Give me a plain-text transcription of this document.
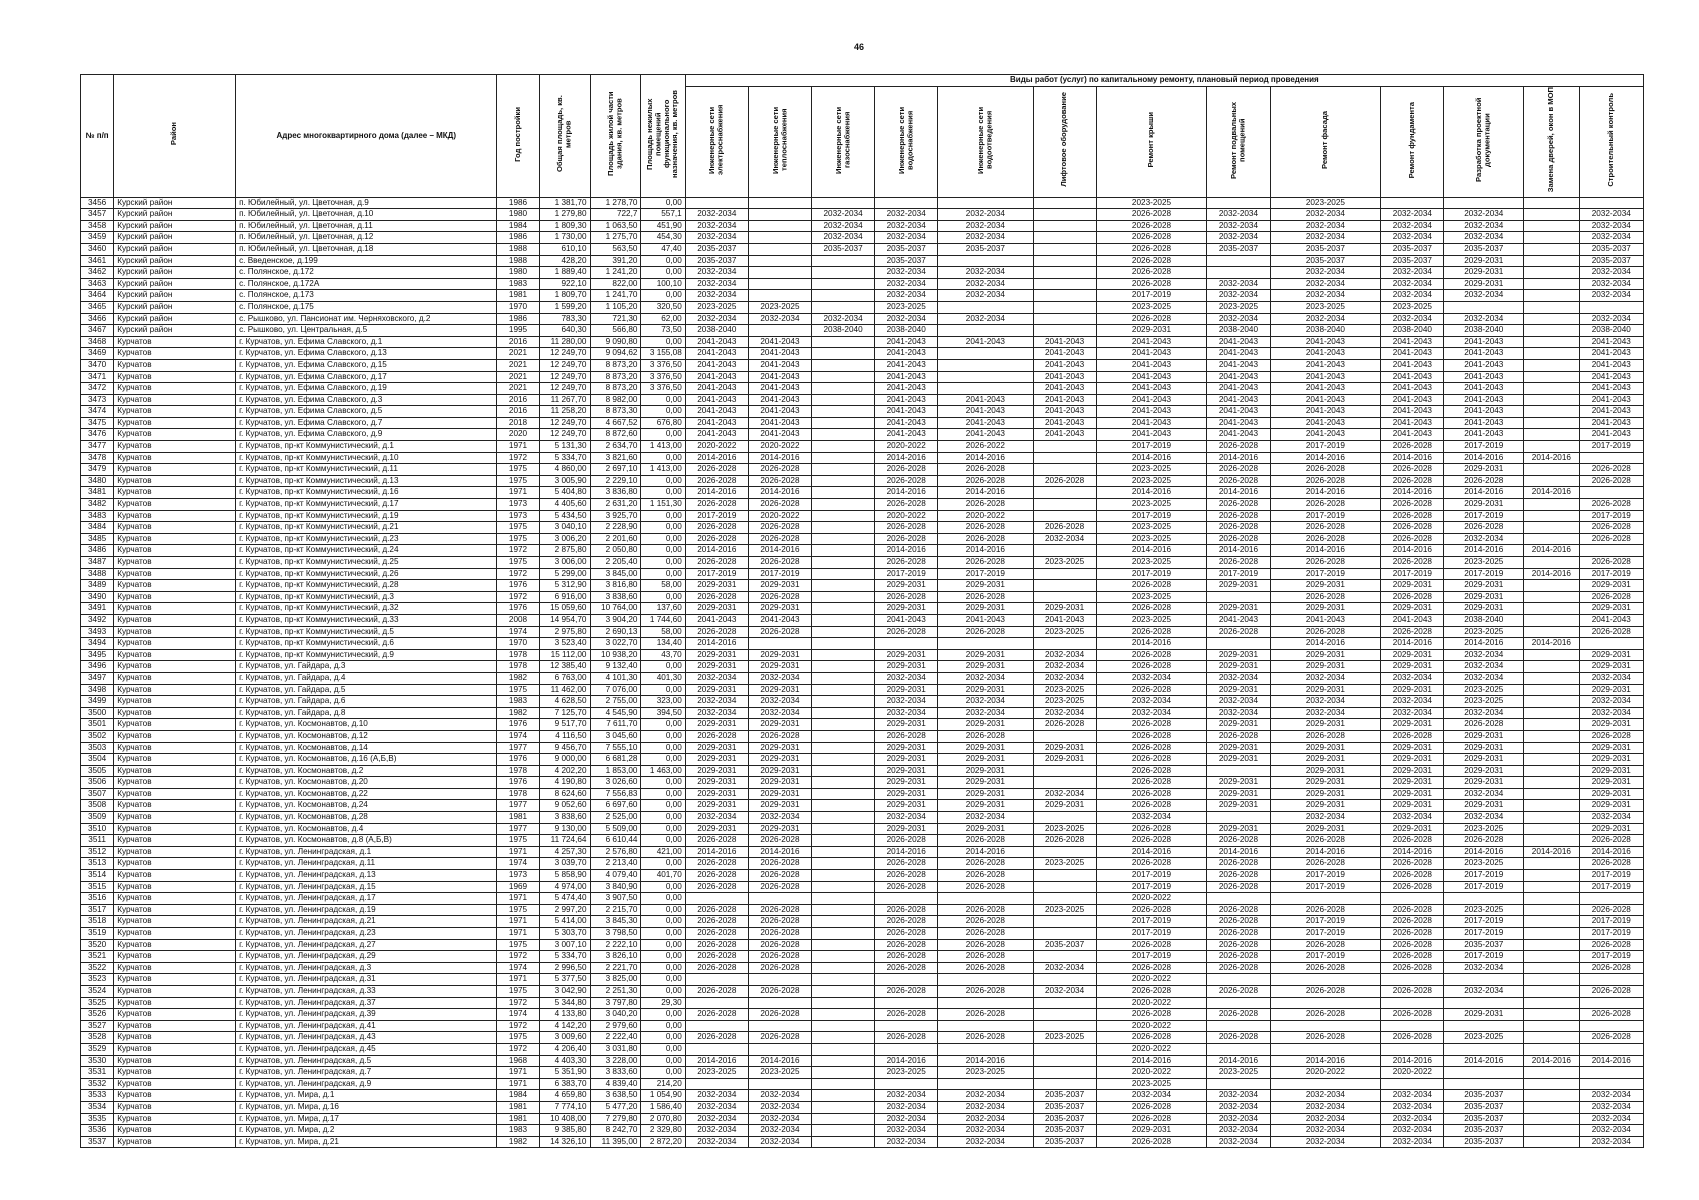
46
№ п/п	Район	Адрес многоквартирного дома (далее – МКД)	Год постройки	Общая площадь, кв. метров	Площадь жилой части здания, кв. метров	Площадь нежилых помещений функционального назначения, кв. метров	Виды работ (услуг) по капитальному ремонту, плановый период проведения												
							Инженерные сети электроснабжения	Инженерные сети теплоснабжения	Инженерные сети газоснабжения	Инженерные сети водоснабжения	Инженерные сети водоотведения	Лифтовое оборудование	Ремонт крыши	Ремонт подвальных помещений	Ремонт фасада	Ремонт фундамента	Разработка проектной документации	Замена дверей, окон в МОП	Строительный контроль
3456	Курский район	п. Юбилейный, ул. Цветочная, д.9	1986	1 381,70	1 278,70	0,00							2023-2025		2023-2025				
3457	Курский район	п. Юбилейный, ул. Цветочная, д.10	1980	1 279,80	722,7	557,1	2032-2034		2032-2034	2032-2034	2032-2034		2026-2028	2032-2034	2032-2034	2032-2034	2032-2034		2032-2034
3458	Курский район	п. Юбилейный, ул. Цветочная, д.11	1984	1 809,30	1 063,50	451,90	2032-2034		2032-2034	2032-2034	2032-2034		2026-2028	2032-2034	2032-2034	2032-2034	2032-2034		2032-2034
3459	Курский район	п. Юбилейный, ул. Цветочная, д.12	1986	1 730,00	1 275,70	454,30	2032-2034		2032-2034	2032-2034	2032-2034		2026-2028	2032-2034	2032-2034	2032-2034	2032-2034		2032-2034
3460	Курский район	п. Юбилейный, ул. Цветочная, д.18	1988	610,10	563,50	47,40	2035-2037		2035-2037	2035-2037	2035-2037		2026-2028	2035-2037	2035-2037	2035-2037	2035-2037		2035-2037
3461	Курский район	с. Введенское, д.199	1988	428,20	391,20	0,00	2035-2037			2035-2037			2026-2028		2035-2037	2035-2037	2029-2031		2035-2037
3462	Курский район	с. Полянское, д.172	1980	1 889,40	1 241,20	0,00	2032-2034			2032-2034	2032-2034		2026-2028		2032-2034	2032-2034	2029-2031		2032-2034
3463	Курский район	с. Полянское, д.172А	1983	922,10	822,00	100,10	2032-2034			2032-2034	2032-2034		2026-2028	2032-2034	2032-2034	2032-2034	2029-2031		2032-2034
3464	Курский район	с. Полянское, д.173	1981	1 809,70	1 241,70	0,00	2032-2034			2032-2034	2032-2034		2017-2019	2032-2034	2032-2034	2032-2034	2032-2034		2032-2034
3465	Курский район	с. Полянское, д.175	1970	1 599,20	1 105,20	320,50	2023-2025	2023-2025		2023-2025			2023-2025	2023-2025	2023-2025	2023-2025			
3466	Курский район	с. Рышково, ул. Пансионат им. Черняховского, д.2	1986	783,30	721,30	62,00	2032-2034	2032-2034	2032-2034	2032-2034	2032-2034		2026-2028	2032-2034	2032-2034	2032-2034	2032-2034		2032-2034
3467	Курский район	с. Рышково, ул. Центральная, д.5	1995	640,30	566,80	73,50	2038-2040		2038-2040	2038-2040			2029-2031	2038-2040	2038-2040	2038-2040	2038-2040		2038-2040
3468	Курчатов	г. Курчатов, ул. Ефима Славского, д.1	2016	11 280,00	9 090,80	0,00	2041-2043	2041-2043		2041-2043	2041-2043	2041-2043	2041-2043	2041-2043	2041-2043	2041-2043	2041-2043		2041-2043
3469	Курчатов	г. Курчатов, ул. Ефима Славского, д.13	2021	12 249,70	9 094,62	3 155,08	2041-2043	2041-2043		2041-2043		2041-2043	2041-2043	2041-2043	2041-2043	2041-2043	2041-2043		2041-2043
3470	Курчатов	г. Курчатов, ул. Ефима Славского, д.15	2021	12 249,70	8 873,20	3 376,50	2041-2043	2041-2043		2041-2043		2041-2043	2041-2043	2041-2043	2041-2043	2041-2043	2041-2043		2041-2043
3471	Курчатов	г. Курчатов, ул. Ефима Славского, д.17	2021	12 249,70	8 873,20	3 376,50	2041-2043	2041-2043		2041-2043		2041-2043	2041-2043	2041-2043	2041-2043	2041-2043	2041-2043		2041-2043
3472	Курчатов	г. Курчатов, ул. Ефима Славского, д.19	2021	12 249,70	8 873,20	3 376,50	2041-2043	2041-2043		2041-2043		2041-2043	2041-2043	2041-2043	2041-2043	2041-2043	2041-2043		2041-2043
3473	Курчатов	г. Курчатов, ул. Ефима Славского, д.3	2016	11 267,70	8 982,00	0,00	2041-2043	2041-2043		2041-2043	2041-2043	2041-2043	2041-2043	2041-2043	2041-2043	2041-2043	2041-2043		2041-2043
3474	Курчатов	г. Курчатов, ул. Ефима Славского, д.5	2016	11 258,20	8 873,30	0,00	2041-2043	2041-2043		2041-2043	2041-2043	2041-2043	2041-2043	2041-2043	2041-2043	2041-2043	2041-2043		2041-2043
3475	Курчатов	г. Курчатов, ул. Ефима Славского, д.7	2018	12 249,70	4 667,52	676,80	2041-2043	2041-2043		2041-2043	2041-2043	2041-2043	2041-2043	2041-2043	2041-2043	2041-2043	2041-2043		2041-2043
3476	Курчатов	г. Курчатов, ул. Ефима Славского, д.9	2020	12 249,70	8 872,60	0,00	2041-2043	2041-2043		2041-2043	2041-2043	2041-2043	2041-2043	2041-2043	2041-2043	2041-2043	2041-2043		2041-2043
3477	Курчатов	г. Курчатов, пр-кт Коммунистический, д.1	1971	5 131,30	2 634,70	1 413,00	2020-2022	2020-2022		2020-2022	2026-2022		2017-2019	2026-2028	2017-2019	2026-2028	2017-2019		2017-2019
3478	Курчатов	г. Курчатов, пр-кт Коммунистический, д.10	1972	5 334,70	3 821,60	0,00	2014-2016	2014-2016		2014-2016	2014-2016		2014-2016	2014-2016	2014-2016	2014-2016	2014-2016	2014-2016	
3479	Курчатов	г. Курчатов, пр-кт Коммунистический, д.11	1975	4 860,00	2 697,10	1 413,00	2026-2028	2026-2028		2026-2028	2026-2028		2023-2025	2026-2028	2026-2028	2026-2028	2029-2031		2026-2028
3480	Курчатов	г. Курчатов, пр-кт Коммунистический, д.13	1975	3 005,90	2 229,10	0,00	2026-2028	2026-2028		2026-2028	2026-2028	2026-2028	2023-2025	2026-2028	2026-2028	2026-2028	2026-2028		2026-2028
3481	Курчатов	г. Курчатов, пр-кт Коммунистический, д.16	1971	5 404,80	3 836,80	0,00	2014-2016	2014-2016		2014-2016	2014-2016		2014-2016	2014-2016	2014-2016	2014-2016	2014-2016	2014-2016	
3482	Курчатов	г. Курчатов, пр-кт Коммунистический, д.17	1973	4 405,60	2 631,20	1 151,30	2026-2028	2026-2028		2026-2028	2026-2028		2023-2025	2026-2028	2026-2028	2026-2028	2029-2031		2026-2028
3483	Курчатов	г. Курчатов, пр-кт Коммунистический, д.19	1973	5 434,50	3 925,70	0,00	2017-2019	2020-2022		2020-2022	2020-2022		2017-2019	2026-2028	2017-2019	2026-2028	2017-2019		2017-2019
3484	Курчатов	г. Курчатов, пр-кт Коммунистический, д.21	1975	3 040,10	2 228,90	0,00	2026-2028	2026-2028		2026-2028	2026-2028	2026-2028	2023-2025	2026-2028	2026-2028	2026-2028	2026-2028		2026-2028
3485	Курчатов	г. Курчатов, пр-кт Коммунистический, д.23	1975	3 006,20	2 201,60	0,00	2026-2028	2026-2028		2026-2028	2026-2028	2032-2034	2023-2025	2026-2028	2026-2028	2026-2028	2032-2034		2026-2028
3486	Курчатов	г. Курчатов, пр-кт Коммунистический, д.24	1972	2 875,80	2 050,80	0,00	2014-2016	2014-2016		2014-2016	2014-2016		2014-2016	2014-2016	2014-2016	2014-2016	2014-2016	2014-2016	
3487	Курчатов	г. Курчатов, пр-кт Коммунистический, д.25	1975	3 006,00	2 205,40	0,00	2026-2028	2026-2028		2026-2028	2026-2028	2023-2025	2023-2025	2026-2028	2026-2028	2026-2028	2023-2025		2026-2028
3488	Курчатов	г. Курчатов, пр-кт Коммунистический, д.26	1972	5 299,00	3 845,00	0,00	2017-2019	2017-2019		2017-2019	2017-2019		2017-2019	2017-2019	2017-2019	2017-2019	2017-2019	2014-2016	2017-2019
3489	Курчатов	г. Курчатов, пр-кт Коммунистический, д.28	1976	5 312,90	3 816,80	58,00	2029-2031	2029-2031		2029-2031	2029-2031		2026-2028	2029-2031	2029-2031	2029-2031	2029-2031		2029-2031
3490	Курчатов	г. Курчатов, пр-кт Коммунистический, д.3	1972	6 916,00	3 838,60	0,00	2026-2028	2026-2028		2026-2028	2026-2028		2023-2025		2026-2028	2026-2028	2029-2031		2026-2028
3491	Курчатов	г. Курчатов, пр-кт Коммунистический, д.32	1976	15 059,60	10 764,00	137,60	2029-2031	2029-2031		2029-2031	2029-2031	2029-2031	2026-2028	2029-2031	2029-2031	2029-2031	2029-2031		2029-2031
3492	Курчатов	г. Курчатов, пр-кт Коммунистический, д.33	2008	14 954,70	3 904,20	1 744,60	2041-2043	2041-2043		2041-2043	2041-2043	2041-2043	2023-2025	2041-2043	2041-2043	2041-2043	2038-2040		2041-2043
3493	Курчатов	г. Курчатов, пр-кт Коммунистический, д.5	1974	2 975,80	2 690,13	58,00	2026-2028	2026-2028		2026-2028	2026-2028	2023-2025	2026-2028	2026-2028	2026-2028	2026-2028	2023-2025		2026-2028
3494	Курчатов	г. Курчатов, пр-кт Коммунистический, д.6	1970	3 523,40	3 022,70	134,40	2014-2016						2014-2016		2014-2016	2014-2016	2014-2016	2014-2016	
3495	Курчатов	г. Курчатов, пр-кт Коммунистический, д.9	1978	15 112,00	10 938,20	43,70	2029-2031	2029-2031		2029-2031	2029-2031	2032-2034	2026-2028	2029-2031	2029-2031	2029-2031	2032-2034		2029-2031
3496	Курчатов	г. Курчатов, ул. Гайдара, д.3	1978	12 385,40	9 132,40	0,00	2029-2031	2029-2031		2029-2031	2029-2031	2032-2034	2026-2028	2029-2031	2029-2031	2029-2031	2032-2034		2029-2031
3497	Курчатов	г. Курчатов, ул. Гайдара, д.4	1982	6 763,00	4 101,30	401,30	2032-2034	2032-2034		2032-2034	2032-2034	2032-2034	2032-2034	2032-2034	2032-2034	2032-2034	2032-2034		2032-2034
3498	Курчатов	г. Курчатов, ул. Гайдара, д.5	1975	11 462,00	7 076,00	0,00	2029-2031	2029-2031		2029-2031	2029-2031	2023-2025	2026-2028	2029-2031	2029-2031	2029-2031	2023-2025		2029-2031
3499	Курчатов	г. Курчатов, ул. Гайдара, д.6	1983	4 628,50	2 755,00	323,00	2032-2034	2032-2034		2032-2034	2032-2034	2023-2025	2032-2034	2032-2034	2032-2034	2032-2034	2023-2025		2032-2034
3500	Курчатов	г. Курчатов, ул. Гайдара, д.8	1982	7 125,70	4 545,90	394,50	2032-2034	2032-2034		2032-2034	2032-2034	2032-2034	2032-2034	2032-2034	2032-2034	2032-2034	2032-2034		2032-2034
3501	Курчатов	г. Курчатов, ул. Космонавтов, д.10	1976	9 517,70	7 611,70	0,00	2029-2031	2029-2031		2029-2031	2029-2031	2026-2028	2026-2028	2029-2031	2029-2031	2029-2031	2026-2028		2029-2031
3502	Курчатов	г. Курчатов, ул. Космонавтов, д.12	1974	4 116,50	3 045,60	0,00	2026-2028	2026-2028		2026-2028	2026-2028		2026-2028	2026-2028	2026-2028	2026-2028	2029-2031		2026-2028
3503	Курчатов	г. Курчатов, ул. Космонавтов, д.14	1977	9 456,70	7 555,10	0,00	2029-2031	2029-2031		2029-2031	2029-2031	2029-2031	2026-2028	2029-2031	2029-2031	2029-2031	2029-2031		2029-2031
3504	Курчатов	г. Курчатов, ул. Космонавтов, д.16 (А,Б,В)	1976	9 000,00	6 681,28	0,00	2029-2031	2029-2031		2029-2031	2029-2031	2029-2031	2026-2028	2029-2031	2029-2031	2029-2031	2029-2031		2029-2031
3505	Курчатов	г. Курчатов, ул. Космонавтов, д.2	1978	4 202,20	1 853,00	1 463,00	2029-2031	2029-2031		2029-2031	2029-2031		2026-2028		2029-2031	2029-2031	2029-2031		2029-2031
3506	Курчатов	г. Курчатов, ул. Космонавтов, д.20	1976	4 190,80	3 026,60	0,00	2029-2031	2029-2031		2029-2031	2029-2031		2026-2028	2029-2031	2029-2031	2029-2031	2029-2031		2029-2031
3507	Курчатов	г. Курчатов, ул. Космонавтов, д.22	1978	8 624,60	7 556,83	0,00	2029-2031	2029-2031		2029-2031	2029-2031	2032-2034	2026-2028	2029-2031	2029-2031	2029-2031	2032-2034		2029-2031
3508	Курчатов	г. Курчатов, ул. Космонавтов, д.24	1977	9 052,60	6 697,60	0,00	2029-2031	2029-2031		2029-2031	2029-2031	2029-2031	2026-2028	2029-2031	2029-2031	2029-2031	2029-2031		2029-2031
3509	Курчатов	г. Курчатов, ул. Космонавтов, д.28	1981	3 838,60	2 525,00	0,00	2032-2034	2032-2034		2032-2034	2032-2034		2032-2034		2032-2034	2032-2034	2032-2034		2032-2034
3510	Курчатов	г. Курчатов, ул. Космонавтов, д.4	1977	9 130,00	5 509,00	0,00	2029-2031	2029-2031		2029-2031	2029-2031	2023-2025	2026-2028	2029-2031	2029-2031	2029-2031	2023-2025		2029-2031
3511	Курчатов	г. Курчатов, ул. Космонавтов, д.8 (А,Б,В)	1975	11 724,64	6 610,44	0,00	2026-2028	2026-2028		2026-2028	2026-2028	2026-2028	2026-2028	2026-2028	2026-2028	2026-2028	2026-2028		2026-2028
3512	Курчатов	г. Курчатов, ул. Ленинградская, д.1	1971	4 257,30	2 576,80	421,00	2014-2016	2014-2016		2014-2016	2014-2016		2014-2016	2014-2016	2014-2016	2014-2016	2014-2016	2014-2016	2014-2016
3513	Курчатов	г. Курчатов, ул. Ленинградская, д.11	1974	3 039,70	2 213,40	0,00	2026-2028	2026-2028		2026-2028	2026-2028	2023-2025	2026-2028	2026-2028	2026-2028	2026-2028	2023-2025		2026-2028
3514	Курчатов	г. Курчатов, ул. Ленинградская, д.13	1973	5 858,90	4 079,40	401,70	2026-2028	2026-2028		2026-2028	2026-2028		2017-2019	2026-2028	2017-2019	2026-2028	2017-2019		2017-2019
3515	Курчатов	г. Курчатов, ул. Ленинградская, д.15	1969	4 974,00	3 840,90	0,00	2026-2028	2026-2028		2026-2028	2026-2028		2017-2019	2026-2028	2017-2019	2026-2028	2017-2019		2017-2019
3516	Курчатов	г. Курчатов, ул. Ленинградская, д.17	1971	5 474,40	3 907,50	0,00							2020-2022						
3517	Курчатов	г. Курчатов, ул. Ленинградская, д.19	1975	2 997,20	2 215,70	0,00	2026-2028	2026-2028		2026-2028	2026-2028	2023-2025	2026-2028	2026-2028	2026-2028	2026-2028	2023-2025		2026-2028
3518	Курчатов	г. Курчатов, ул. Ленинградская, д.21	1971	5 414,00	3 845,30	0,00	2026-2028	2026-2028		2026-2028	2026-2028		2017-2019	2026-2028	2017-2019	2026-2028	2017-2019		2017-2019
3519	Курчатов	г. Курчатов, ул. Ленинградская, д.23	1971	5 303,70	3 798,50	0,00	2026-2028	2026-2028		2026-2028	2026-2028		2017-2019	2026-2028	2017-2019	2026-2028	2017-2019		2017-2019
3520	Курчатов	г. Курчатов, ул. Ленинградская, д.27	1975	3 007,10	2 222,10	0,00	2026-2028	2026-2028		2026-2028	2026-2028	2035-2037	2026-2028	2026-2028	2026-2028	2026-2028	2035-2037		2026-2028
3521	Курчатов	г. Курчатов, ул. Ленинградская, д.29	1972	5 334,70	3 826,10	0,00	2026-2028	2026-2028		2026-2028	2026-2028		2017-2019	2026-2028	2017-2019	2026-2028	2017-2019		2017-2019
3522	Курчатов	г. Курчатов, ул. Ленинградская, д.3	1974	2 996,50	2 221,70	0,00	2026-2028	2026-2028		2026-2028	2026-2028	2032-2034	2026-2028	2026-2028	2026-2028	2026-2028	2032-2034		2026-2028
3523	Курчатов	г. Курчатов, ул. Ленинградская, д.31	1971	5 377,50	3 825,00	0,00							2020-2022						
3524	Курчатов	г. Курчатов, ул. Ленинградская, д.33	1975	3 042,90	2 251,30	0,00	2026-2028	2026-2028		2026-2028	2026-2028	2032-2034	2026-2028	2026-2028	2026-2028	2026-2028	2032-2034		2026-2028
3525	Курчатов	г. Курчатов, ул. Ленинградская, д.37	1972	5 344,80	3 797,80	29,30							2020-2022						
3526	Курчатов	г. Курчатов, ул. Ленинградская, д.39	1974	4 133,80	3 040,20	0,00	2026-2028	2026-2028		2026-2028	2026-2028		2026-2028	2026-2028	2026-2028	2026-2028	2029-2031		2026-2028
3527	Курчатов	г. Курчатов, ул. Ленинградская, д.41	1972	4 142,20	2 979,60	0,00							2020-2022						
3528	Курчатов	г. Курчатов, ул. Ленинградская, д.43	1975	3 009,60	2 222,40	0,00	2026-2028	2026-2028		2026-2028	2026-2028	2023-2025	2026-2028	2026-2028	2026-2028	2026-2028	2023-2025		2026-2028
3529	Курчатов	г. Курчатов, ул. Ленинградская, д.45	1972	4 206,40	3 031,80	0,00							2020-2022						
3530	Курчатов	г. Курчатов, ул. Ленинградская, д.5	1968	4 403,30	3 228,00	0,00	2014-2016	2014-2016		2014-2016	2014-2016		2014-2016	2014-2016	2014-2016	2014-2016	2014-2016	2014-2016	2014-2016
3531	Курчатов	г. Курчатов, ул. Ленинградская, д.7	1971	5 351,90	3 833,60	0,00	2023-2025	2023-2025		2023-2025	2023-2025		2020-2022	2023-2025	2020-2022	2020-2022			
3532	Курчатов	г. Курчатов, ул. Ленинградская, д.9	1971	6 383,70	4 839,40	214,20							2023-2025						
3533	Курчатов	г. Курчатов, ул. Мира, д.1	1984	4 659,80	3 638,50	1 054,90	2032-2034	2032-2034		2032-2034	2032-2034	2035-2037	2032-2034	2032-2034	2032-2034	2032-2034	2035-2037		2032-2034
3534	Курчатов	г. Курчатов, ул. Мира, д.16	1981	7 774,10	5 477,20	1 586,40	2032-2034	2032-2034		2032-2034	2032-2034	2035-2037	2026-2028	2032-2034	2032-2034	2032-2034	2035-2037		2032-2034
3535	Курчатов	г. Курчатов, ул. Мира, д.17	1981	10 408,00	7 279,80	2 070,80	2032-2034	2032-2034		2032-2034	2032-2034	2035-2037	2026-2028	2032-2034	2032-2034	2032-2034	2035-2037		2032-2034
3536	Курчатов	г. Курчатов, ул. Мира, д.2	1983	9 385,80	8 242,70	2 329,80	2032-2034	2032-2034		2032-2034	2032-2034	2035-2037	2029-2031	2032-2034	2032-2034	2032-2034	2035-2037		2032-2034
3537	Курчатов	г. Курчатов, ул. Мира, д.21	1982	14 326,10	11 395,00	2 872,20	2032-2034	2032-2034		2032-2034	2032-2034	2035-2037	2026-2028	2032-2034	2032-2034	2032-2034	2035-2037		2032-2034
